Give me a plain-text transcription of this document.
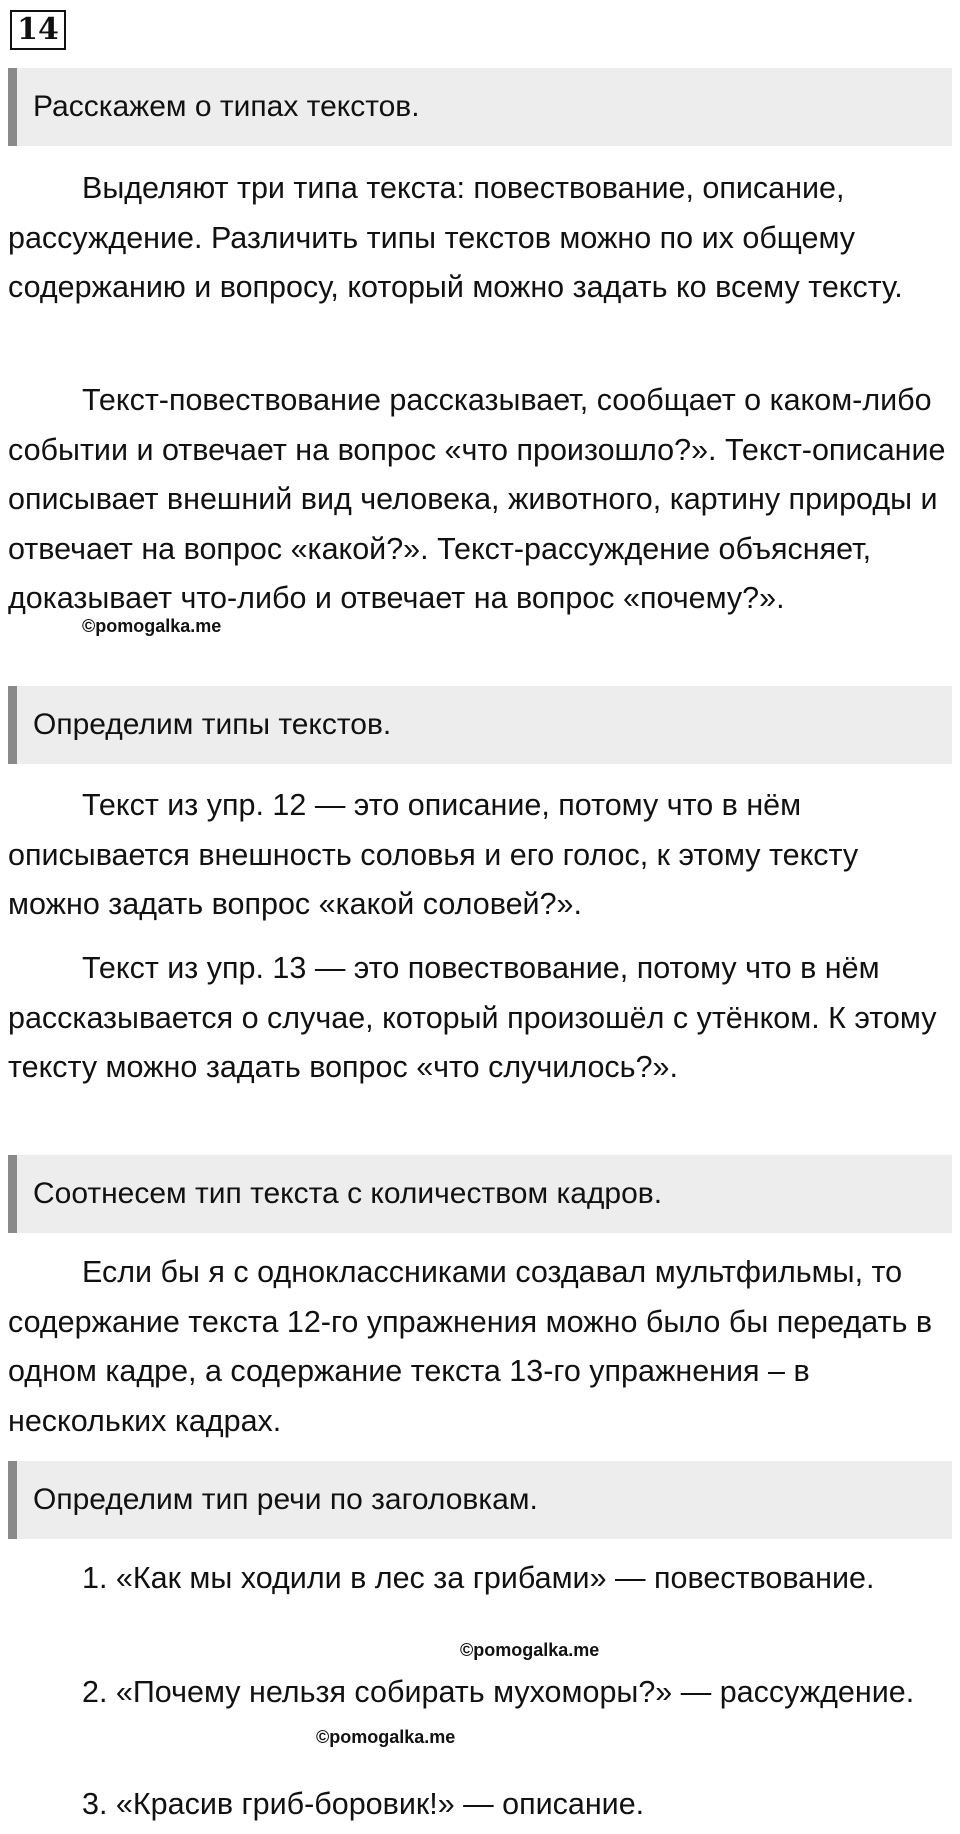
14
Расскажем о типах текстов.

Выделяют три типа текста: повествование, описание, рассуждение. Различить типы текстов можно по их общему содержанию и вопросу, который можно задать ко всему тексту.

Текст-повествование рассказывает, сообщает о каком-либо событии и отвечает на вопрос «что произошло?». Текст-описание описывает внешний вид человека, животного, картину природы и отвечает на вопрос «какой?». Текст-рассуждение объясняет, доказывает что-либо и отвечает на вопрос «почему?».

Определим типы текстов.

Текст из упр. 12 — это описание, потому что в нём описывается внешность соловья и его голос, к этому тексту можно задать вопрос «какой соловей?».

Текст из упр. 13 — это повествование, потому что в нём рассказывается о случае, который произошёл с утёнком. К этому тексту можно задать вопрос «что случилось?».

Соотнесем тип текста с количеством кадров.

Если бы я с одноклассниками создавал мультфильмы, то содержание текста 12-го упражнения можно было бы передать в одном кадре, а содержание текста 13-го упражнения – в нескольких кадрах.

Определим тип речи по заголовкам.

1. «Как мы ходили в лес за грибами» — повествование.

2. «Почему нельзя собирать мухоморы?» — рассуждение.

3. «Красив гриб-боровик!» — описание.

©pomogalka.me
©pomogalka.me
©pomogalka.me
